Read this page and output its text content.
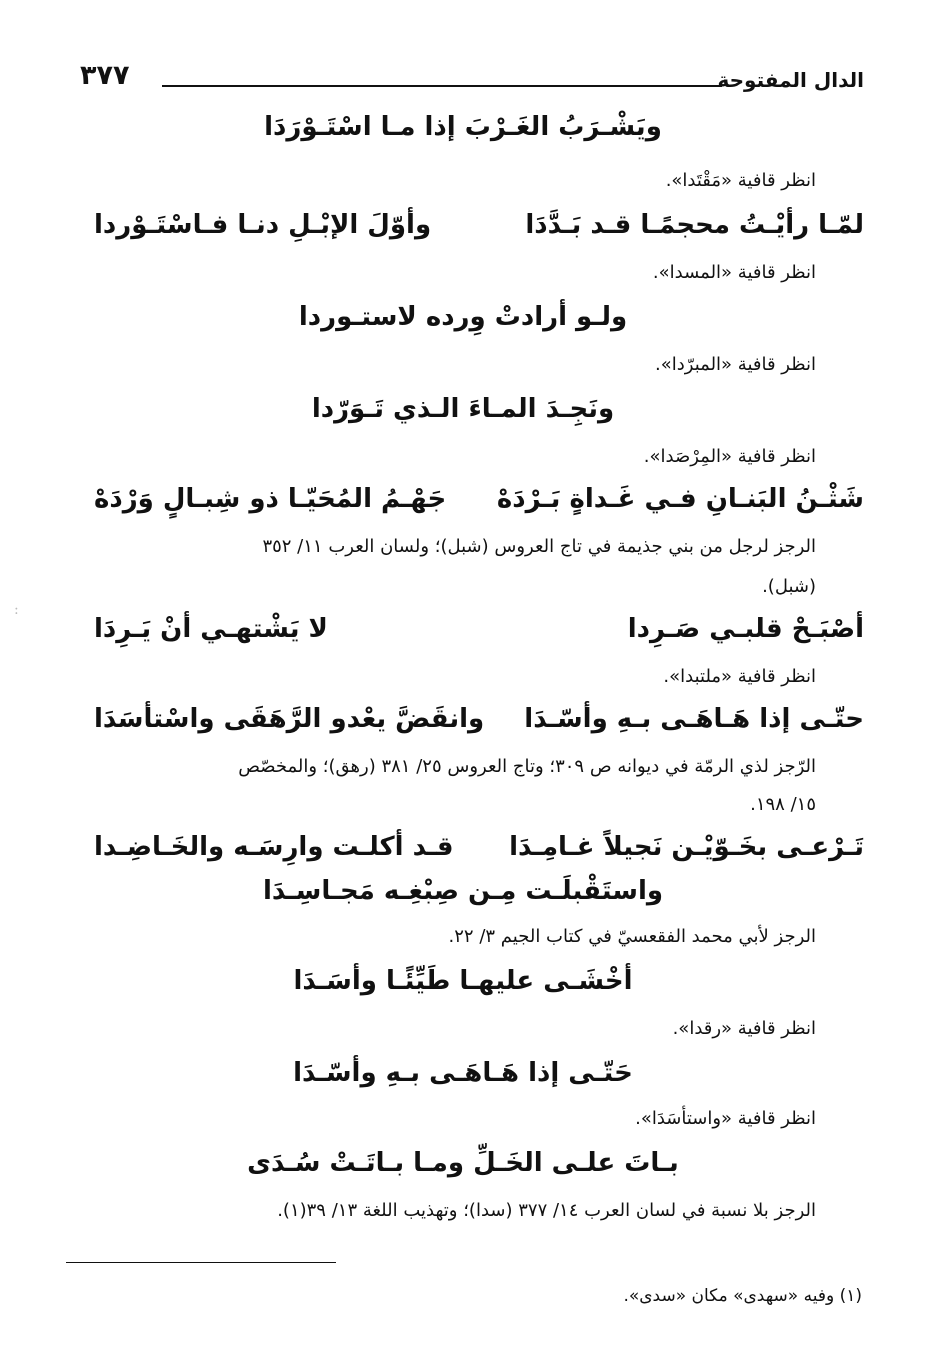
الدال المفتوحة
٣٧٧
ويَشْـرَبُ الغَـرْبَ إذا مـا اسْتَـوْرَدَا
انظر قافية «مَقْتَدا».
لمّـا رأيْـتُ محجمًـا قـد بَـدَّدَا
وأوّلَ الإبْـلِ دنـا فـاسْتَـوْردا
انظر قافية «المسدا».
ولـو أرادتْ وِرده لاستـوردا
انظر قافية «المبرّدا».
ونَجِـدَ المـاءَ الـذي تَـوَرّدا
انظر قافية «المِرْصَدا».
شَثْـنُ البَنـانِ فـي غَـداةٍ بَـرْدَهْ
جَهْـمُ المُحَيّـا ذو شِبـالٍ وَرْدَهْ
الرجز لرجل من بني جذيمة في تاج العروس (شبل)؛ ولسان العرب ١١/ ٣٥٢
(شبل).
أصْبَـحْ قلبـي صَـرِدا
لا يَشْتهـي أنْ يَـرِدَا
انظر قافية «ملتبدا».
حتّـى إذا هَـاهَـى بـهِ وأسّـدَا
وانقَضَّ يعْدو الرَّهَقَى واسْتأسَدَا
الرّجز لذي الرمّة في ديوانه ص ٣٠٩؛ وتاج العروس ٢٥/ ٣٨١ (رهق)؛ والمخصّص
١٥/ ١٩٨.
تَـرْعـى بخَـوّيْـن نَجيلاً غـامِـدَا
قـد أكلـت وارِسَـه والخَـاضِـدا
واستَقْبلَـت مِـن صِبْغِـه مَجـاسِـدَا
الرجز لأبي محمد الفقعسيّ في كتاب الجيم ٣/ ٢٢.
أخْشَـى عليهـا طَيِّئًـا وأسَـدَا
انظر قافية «رقدا».
حَتّـى إذا هَـاهَـى بـهِ وأسّـدَا
انظر قافية «واستأسَدَا».
بـاتَ علـى الخَـلِّ ومـا بـاتَـتْ سُـدَى
الرجز بلا نسبة في لسان العرب ١٤/ ٣٧٧ (سدا)؛ وتهذيب اللغة ١٣/ ٣٩(١).
(١) وفيه «سهدى» مكان «سدى».
:
